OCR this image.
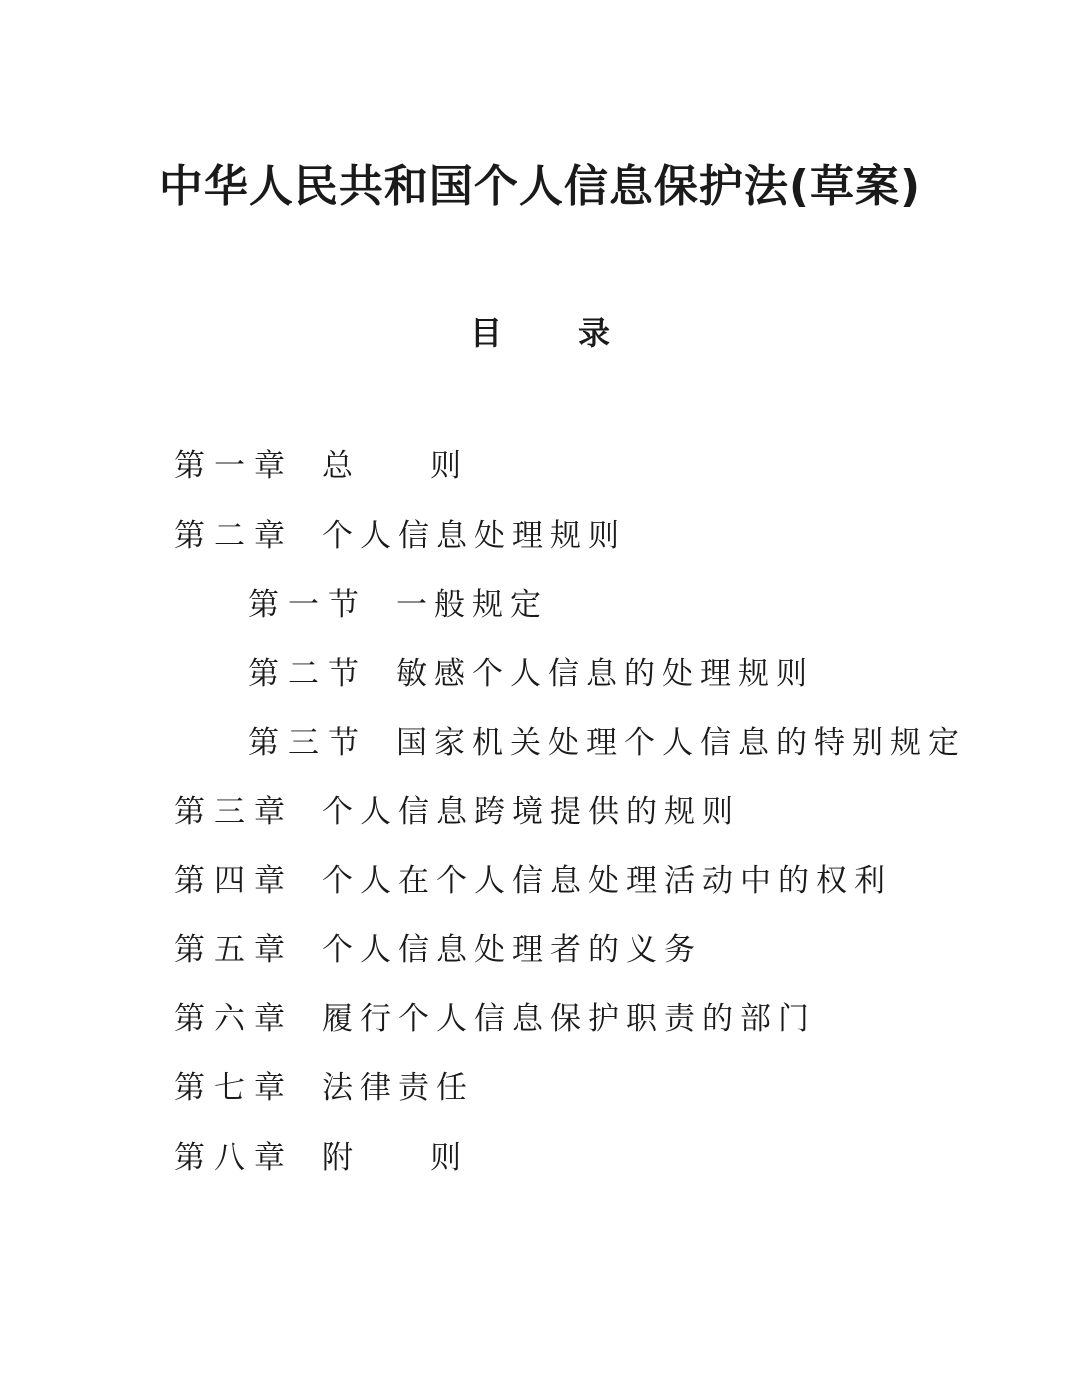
中华人民共和国个人信息保护法(草案)
目 录
第一章 总 则
第二章 个人信息处理规则
第一节 一般规定
第二节 敏感个人信息的处理规则
第三节 国家机关处理个人信息的特别规定
第三章 个人信息跨境提供的规则
第四章 个人在个人信息处理活动中的权利
第五章 个人信息处理者的义务
第六章 履行个人信息保护职责的部门
第七章 法律责任
第八章 附 则
